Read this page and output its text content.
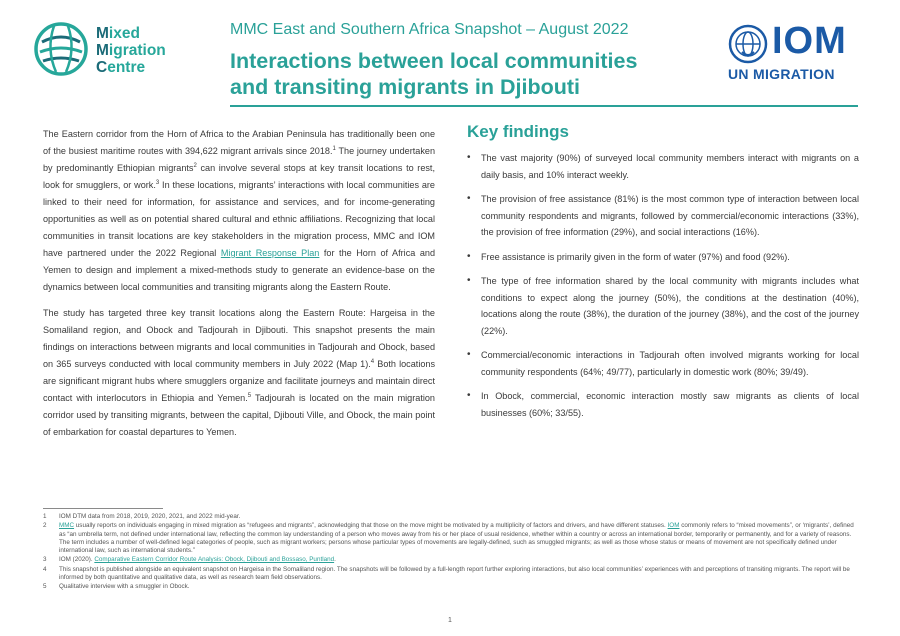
Mixed
Migration
Centre
MMC East and Southern Africa Snapshot – August 2022
Interactions between local communities
and transiting migrants in Djibouti
IOM
UN MIGRATION

The Eastern corridor from the Horn of Africa to the Arabian Peninsula has traditionally been one of the busiest maritime routes with 394,622 migrant arrivals since 2018.$^1$ The journey undertaken by predominantly Ethiopian migrants$^2$ can involve several stops at key transit locations to rest, look for smugglers, or work.$^3$ In these locations, migrants’ interactions with local communities are linked to their need for information, for assistance and services, and for income-generating opportunities as well as on potential shared cultural and ethnic affiliations. Recognizing that local communities in transit locations are key stakeholders in the migration process, MMC and IOM have partnered under the 2022 Regional Migrant Response Plan for the Horn of Africa and Yemen to design and implement a mixed-methods study to generate an evidence-base on the dynamics between local communities and transiting migrants along the Eastern Route.

The study has targeted three key transit locations along the Eastern Route: Hargeisa in the Somaliland region, and Obock and Tadjourah in Djibouti. This snapshot presents the main findings on interactions between migrants and local communities in Tadjourah and Obock, based on 365 surveys conducted with local community members in July 2022 (Map 1).$^4$ Both locations are significant migrant hubs where smugglers organize and facilitate journeys and maintain direct contact with interlocutors in Ethiopia and Yemen.$^5$ Tadjourah is located on the main migration corridor used by transiting migrants, between the capital, Djibouti Ville, and Obock, the main point of embarkation for coastal departures to Yemen.

Key findings
• The vast majority (90%) of surveyed local community members interact with migrants on a daily basis, and 10% interact weekly.
• The provision of free assistance (81%) is the most common type of interaction between local community respondents and migrants, followed by commercial/economic interactions (33%), the provision of free information (29%), and social interactions (16%).
• Free assistance is primarily given in the form of water (97%) and food (92%).
• The type of free information shared by the local community with migrants includes what conditions to expect along the journey (50%), the conditions at the destination (40%), locations along the route (38%), the duration of the journey (38%), and the cost of the journey (22%).
• Commercial/economic interactions in Tadjourah often involved migrants working for local community respondents (64%; 49/77), particularly in domestic work (80%; 39/49).
• In Obock, commercial, economic interaction mostly saw migrants as clients of local businesses (60%; 33/55).
1	IOM DTM data from 2018, 2019, 2020, 2021, and 2022 mid-year.
2	MMC usually reports on individuals engaging in mixed migration as “refugees and migrants”, acknowledging that those on the move might be motivated by a multiplicity of factors and drivers, and have different statuses. IOM commonly refers to “mixed movements”, or ‘migrants’, defined as “an umbrella term, not defined under international law, reflecting the common lay understanding of a person who moves away from his or her place of usual residence, whether within a country or across an international border, temporarily or permanently, and for a variety of reasons. The term includes a number of well-defined legal categories of people, such as migrant workers; persons whose particular types of movements are legally-defined, such as smuggled migrants; as well as those whose status or means of movement are not specifically defined under international law, such as international students.”
3	IOM (2020). Comparative Eastern Corridor Route Analysis: Obock, Djibouti and Bossaso, Puntland.
4	This snapshot is published alongside an equivalent snapshot on Hargeisa in the Somaliland region. The snapshots will be followed by a full-length report further exploring interactions, but also local communities’ experiences with and perceptions of transiting migrants. The report will be informed by both quantitative and qualitative data, as well as research team field observations.
5	Qualitative interview with a smuggler in Obock.
1
